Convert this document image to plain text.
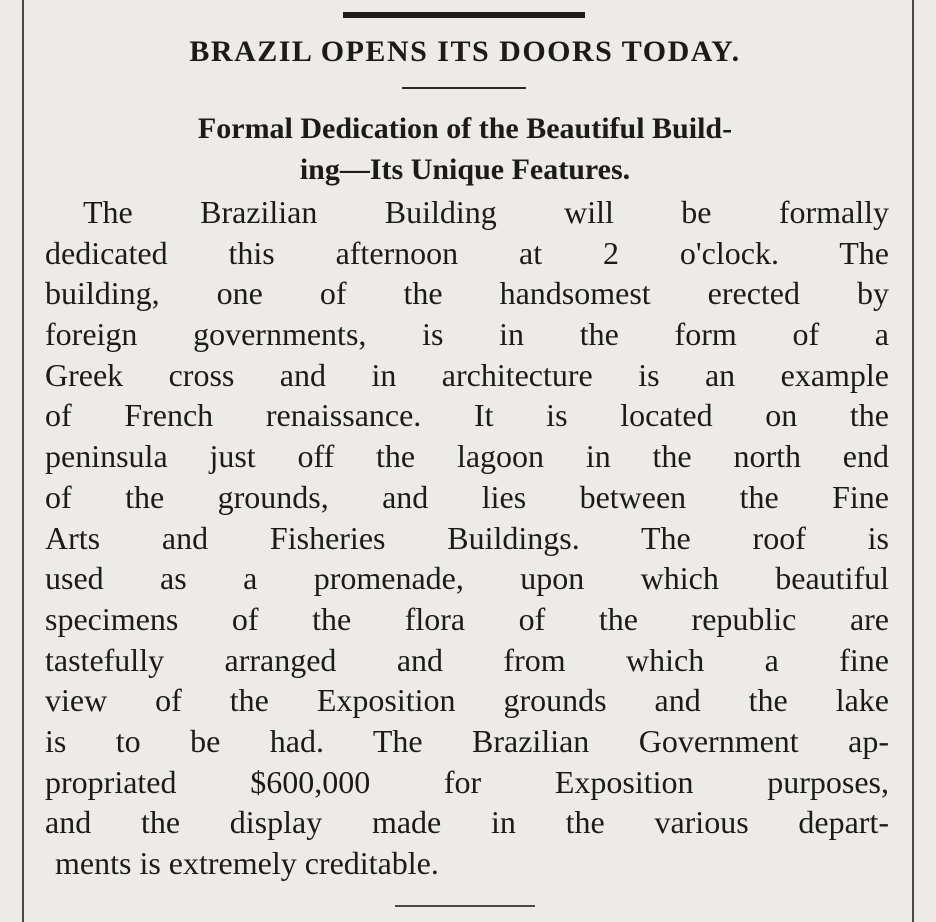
BRAZIL OPENS ITS DOORS TODAY.
Formal Dedication of the Beautiful Build-
ing—Its Unique Features.
The Brazilian Building will be formally
dedicated this afternoon at 2 o'clock. The
building, one of the handsomest erected by
foreign governments, is in the form of a
Greek cross and in architecture is an example
of French renaissance. It is located on the
peninsula just off the lagoon in the north end
of the grounds, and lies between the Fine
Arts and Fisheries Buildings. The roof is
used as a promenade, upon which beautiful
specimens of the flora of the republic are
tastefully arranged and from which a fine
view of the Exposition grounds and the lake
is to be had. The Brazilian Government ap-
propriated $600,000 for Exposition purposes,
and the display made in the various depart-
ments is extremely creditable.
